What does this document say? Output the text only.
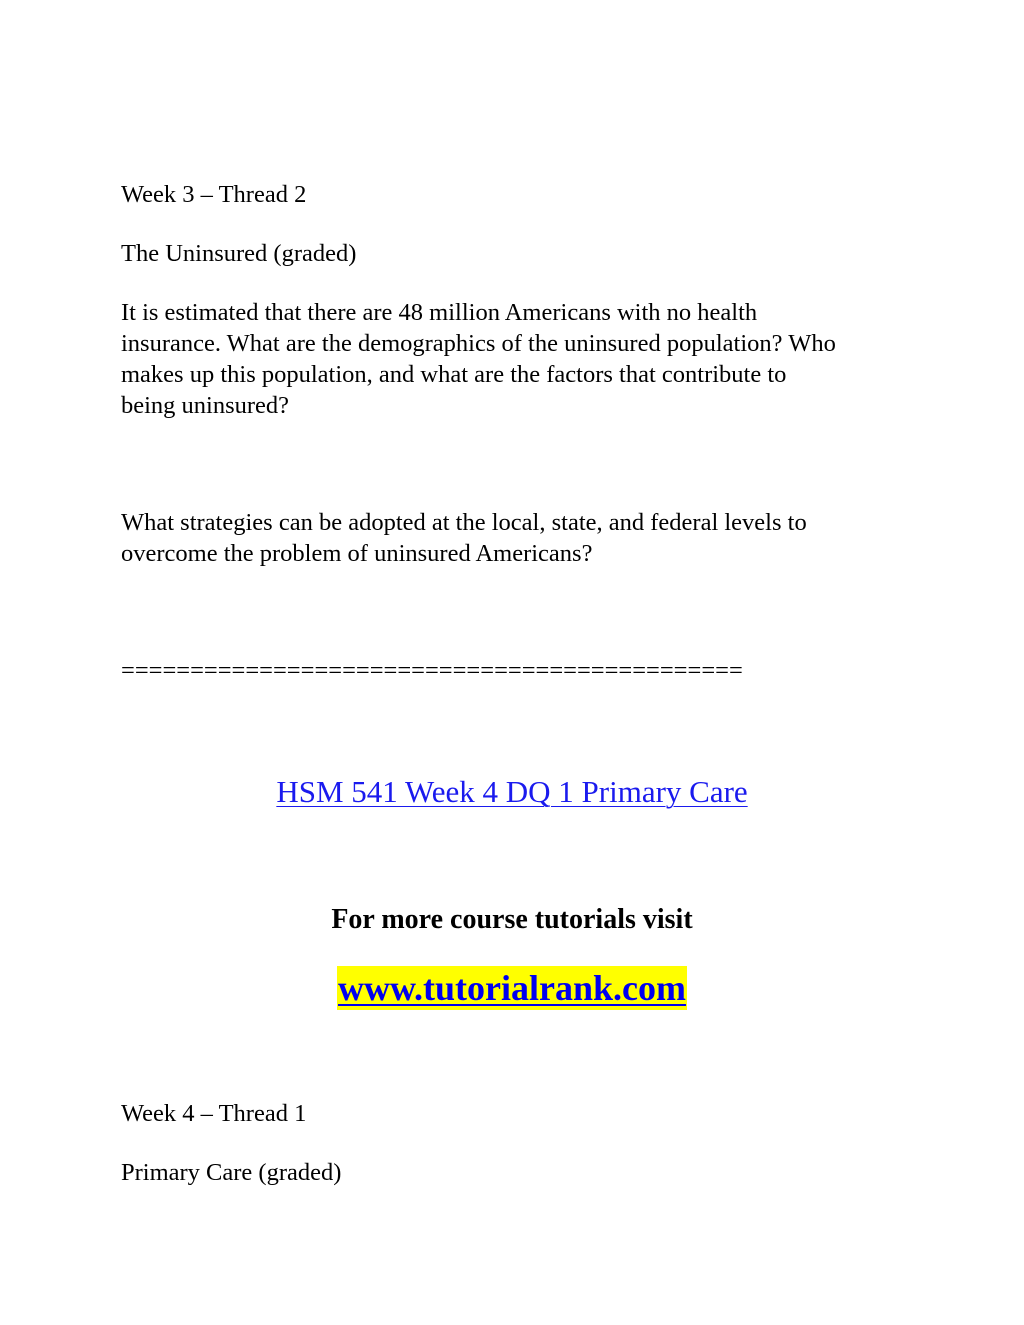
Week 3 – Thread 2

The Uninsured (graded)

It is estimated that there are 48 million Americans with no health
insurance. What are the demographics of the uninsured population? Who
makes up this population, and what are the factors that contribute to
being uninsured?

What strategies can be adopted at the local, state, and federal levels to
overcome the problem of uninsured Americans?

=============================================

HSM 541 Week 4 DQ 1 Primary Care

For more course tutorials visit

www.tutorialrank.com

Week 4 – Thread 1

Primary Care (graded)
